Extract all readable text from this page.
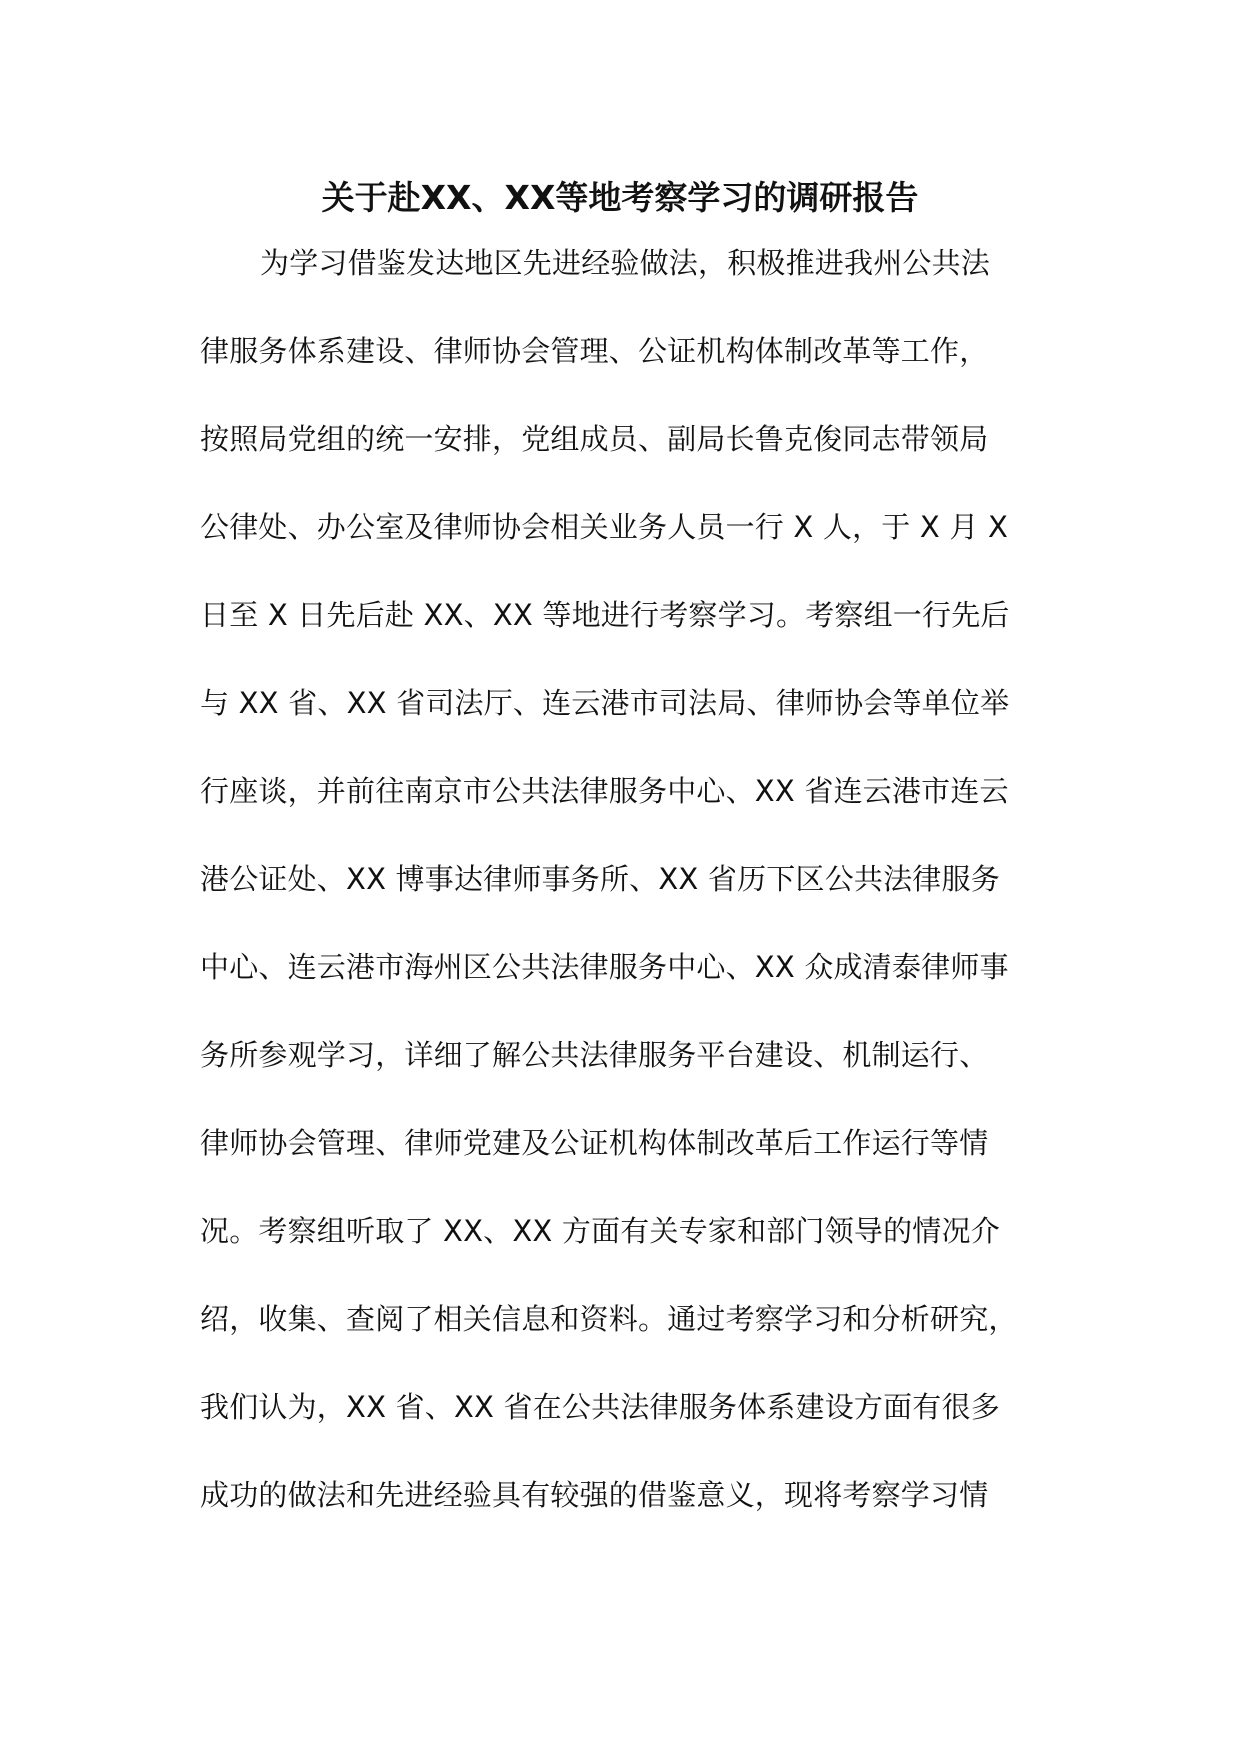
关于赴XX、XX等地考察学习的调研报告
为学习借鉴发达地区先进经验做法，积极推进我州公共法
律服务体系建设、律师协会管理、公证机构体制改革等工作，
按照局党组的统一安排，党组成员、副局长鲁克俊同志带领局
公律处、办公室及律师协会相关业务人员一行 X 人，于 X 月 X
日至 X 日先后赴 XX、XX 等地进行考察学习。考察组一行先后
与 XX 省、XX 省司法厅、连云港市司法局、律师协会等单位举
行座谈，并前往南京市公共法律服务中心、XX 省连云港市连云
港公证处、XX 博事达律师事务所、XX 省历下区公共法律服务
中心、连云港市海州区公共法律服务中心、XX 众成清泰律师事
务所参观学习，详细了解公共法律服务平台建设、机制运行、
律师协会管理、律师党建及公证机构体制改革后工作运行等情
况。考察组听取了 XX、XX 方面有关专家和部门领导的情况介
绍，收集、查阅了相关信息和资料。通过考察学习和分析研究，
我们认为，XX 省、XX 省在公共法律服务体系建设方面有很多
成功的做法和先进经验具有较强的借鉴意义，现将考察学习情
